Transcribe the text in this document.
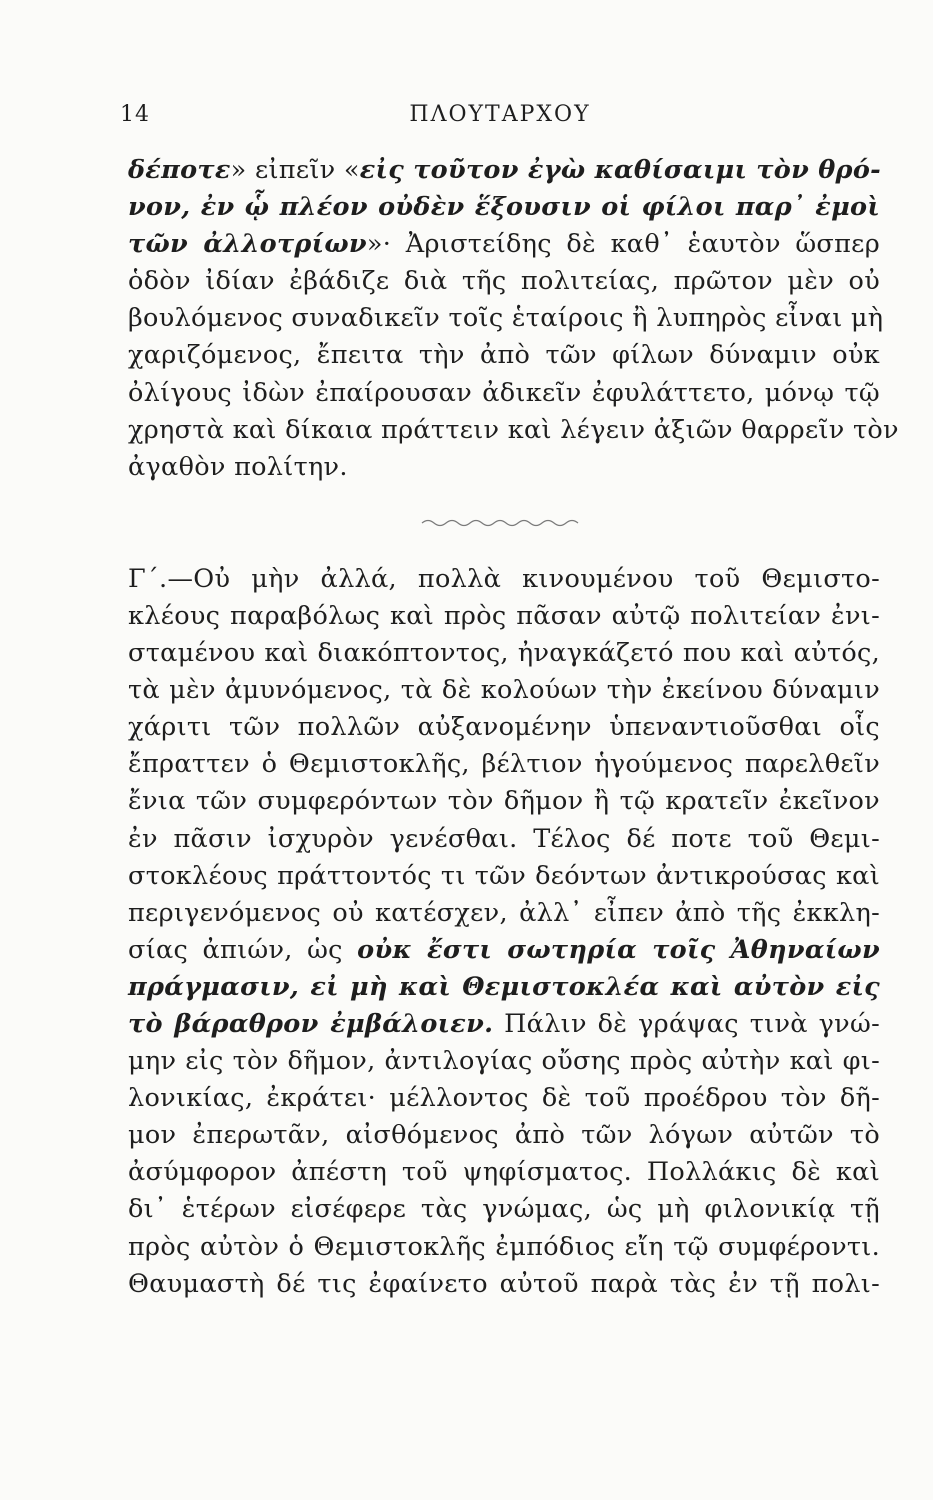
14	ΠΛΟΥΤΑΡΧΟΥ
δέποτε» εἰπεῖν «εἰς τοῦτον ἐγὼ καθίσαιμι τὸν θρό-
νον, ἐν ᾧ πλέον οὐδὲν ἕξουσιν οἱ φίλοι παρ᾽ ἐμοὶ
τῶν ἀλλοτρίων»· Ἀριστείδης δὲ καθ᾽ ἑαυτὸν ὥσπερ
ὁδὸν ἰδίαν ἐβάδιζε διὰ τῆς πολιτείας, πρῶτον μὲν οὐ
βουλόμενος συναδικεῖν τοῖς ἑταίροις ἢ λυπηρὸς εἶναι μὴ
χαριζόμενος, ἔπειτα τὴν ἀπὸ τῶν φίλων δύναμιν οὐκ
ὀλίγους ἰδὼν ἐπαίρουσαν ἀδικεῖν ἐφυλάττετο, μόνῳ τῷ
χρηστὰ καὶ δίκαια πράττειν καὶ λέγειν ἀξιῶν θαρρεῖν τὸν
ἀγαθὸν πολίτην.
Γ΄.—Οὐ μὴν ἀλλά, πολλὰ κινουμένου τοῦ Θεμιστο-
κλέους παραβόλως καὶ πρὸς πᾶσαν αὐτῷ πολιτείαν ἐνι-
σταμένου καὶ διακόπτοντος, ἠναγκάζετό που καὶ αὐτός,
τὰ μὲν ἀμυνόμενος, τὰ δὲ κολούων τὴν ἐκείνου δύναμιν
χάριτι τῶν πολλῶν αὐξανομένην ὑπεναντιοῦσθαι οἷς
ἔπραττεν ὁ Θεμιστοκλῆς, βέλτιον ἡγούμενος παρελθεῖν
ἔνια τῶν συμφερόντων τὸν δῆμον ἢ τῷ κρατεῖν ἐκεῖνον
ἐν πᾶσιν ἰσχυρὸν γενέσθαι. Τέλος δέ ποτε τοῦ Θεμι-
στοκλέους πράττοντός τι τῶν δεόντων ἀντικρούσας καὶ
περιγενόμενος οὐ κατέσχεν, ἀλλ᾽ εἶπεν ἀπὸ τῆς ἐκκλη-
σίας ἀπιών, ὡς οὐκ ἔστι σωτηρία τοῖς Ἀθηναίων
πράγμασιν, εἰ μὴ καὶ Θεμιστοκλέα καὶ αὐτὸν εἰς
τὸ βάραθρον ἐμβάλοιεν. Πάλιν δὲ γράψας τινὰ γνώ-
μην εἰς τὸν δῆμον, ἀντιλογίας οὔσης πρὸς αὐτὴν καὶ φι-
λονικίας, ἐκράτει· μέλλοντος δὲ τοῦ προέδρου τὸν δῆ-
μον ἐπερωτᾶν, αἰσθόμενος ἀπὸ τῶν λόγων αὐτῶν τὸ
ἀσύμφορον ἀπέστη τοῦ ψηφίσματος. Πολλάκις δὲ καὶ
δι᾽ ἑτέρων εἰσέφερε τὰς γνώμας, ὡς μὴ φιλονικίᾳ τῇ
πρὸς αὐτὸν ὁ Θεμιστοκλῆς ἐμπόδιος εἴη τῷ συμφέροντι.
Θαυμαστὴ δέ τις ἐφαίνετο αὐτοῦ παρὰ τὰς ἐν τῇ πολι-
